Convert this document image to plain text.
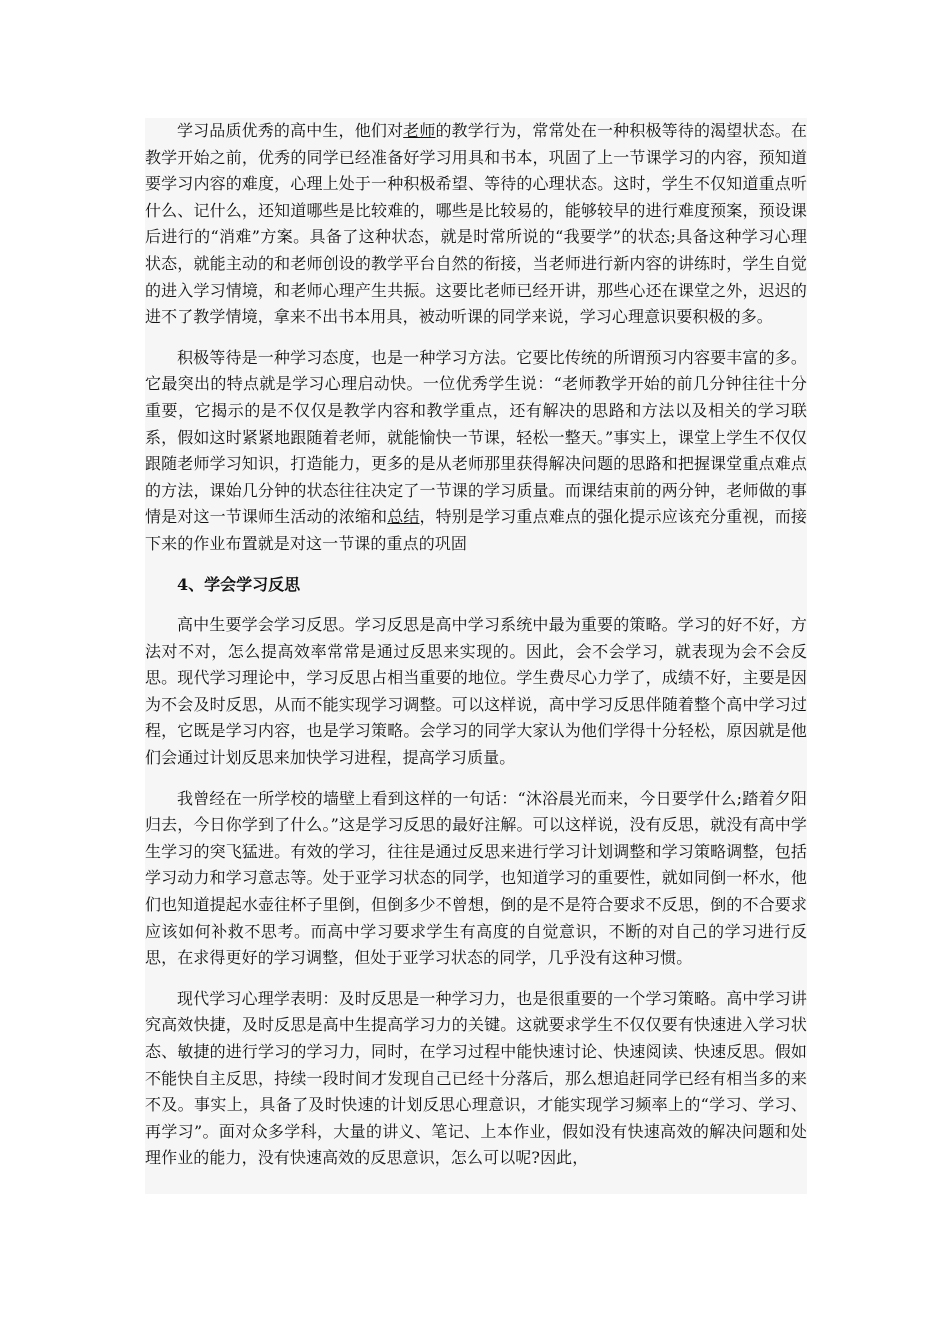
学习品质优秀的高中生，他们对老师的教学行为，常常处在一种积极等待的渴望状态。在教学开始之前，优秀的同学已经准备好学习用具和书本，巩固了上一节课学习的内容，预知道要学习内容的难度，心理上处于一种积极希望、等待的心理状态。这时，学生不仅知道重点听什么、记什么，还知道哪些是比较难的，哪些是比较易的，能够较早的进行难度预案，预设课后进行的“消难”方案。具备了这种状态，就是时常所说的“我要学”的状态;具备这种学习心理状态，就能主动的和老师创设的教学平台自然的衔接，当老师进行新内容的讲练时，学生自觉的进入学习情境，和老师心理产生共振。这要比老师已经开讲，那些心还在课堂之外，迟迟的进不了教学情境，拿来不出书本用具，被动听课的同学来说，学习心理意识要积极的多。

积极等待是一种学习态度，也是一种学习方法。它要比传统的所谓预习内容要丰富的多。它最突出的特点就是学习心理启动快。一位优秀学生说：“老师教学开始的前几分钟往往十分重要，它揭示的是不仅仅是教学内容和教学重点，还有解决的思路和方法以及相关的学习联系，假如这时紧紧地跟随着老师，就能愉快一节课，轻松一整天。”事实上，课堂上学生不仅仅跟随老师学习知识，打造能力，更多的是从老师那里获得解决问题的思路和把握课堂重点难点的方法，课始几分钟的状态往往决定了一节课的学习质量。而课结束前的两分钟，老师做的事情是对这一节课师生活动的浓缩和总结，特别是学习重点难点的强化提示应该充分重视，而接下来的作业布置就是对这一节课的重点的巩固

4、学会学习反思

高中生要学会学习反思。学习反思是高中学习系统中最为重要的策略。学习的好不好，方法对不对，怎么提高效率常常是通过反思来实现的。因此，会不会学习，就表现为会不会反思。现代学习理论中，学习反思占相当重要的地位。学生费尽心力学了，成绩不好，主要是因为不会及时反思，从而不能实现学习调整。可以这样说，高中学习反思伴随着整个高中学习过程，它既是学习内容，也是学习策略。会学习的同学大家认为他们学得十分轻松，原因就是他们会通过计划反思来加快学习进程，提高学习质量。

我曾经在一所学校的墙壁上看到这样的一句话：“沐浴晨光而来，今日要学什么;踏着夕阳归去，今日你学到了什么。”这是学习反思的最好注解。可以这样说，没有反思，就没有高中学生学习的突飞猛进。有效的学习，往往是通过反思来进行学习计划调整和学习策略调整，包括学习动力和学习意志等。处于亚学习状态的同学，也知道学习的重要性，就如同倒一杯水，他们也知道提起水壶往杯子里倒，但倒多少不曾想，倒的是不是符合要求不反思，倒的不合要求应该如何补救不思考。而高中学习要求学生有高度的自觉意识，不断的对自己的学习进行反思，在求得更好的学习调整，但处于亚学习状态的同学，几乎没有这种习惯。

现代学习心理学表明：及时反思是一种学习力，也是很重要的一个学习策略。高中学习讲究高效快捷，及时反思是高中生提高学习力的关键。这就要求学生不仅仅要有快速进入学习状态、敏捷的进行学习的学习力，同时，在学习过程中能快速讨论、快速阅读、快速反思。假如不能快自主反思，持续一段时间才发现自己已经十分落后，那么想追赶同学已经有相当多的来不及。事实上，具备了及时快速的计划反思心理意识，才能实现学习频率上的“学习、学习、再学习”。面对众多学科，大量的讲义、笔记、上本作业，假如没有快速高效的解决问题和处理作业的能力，没有快速高效的反思意识，怎么可以呢?因此，
